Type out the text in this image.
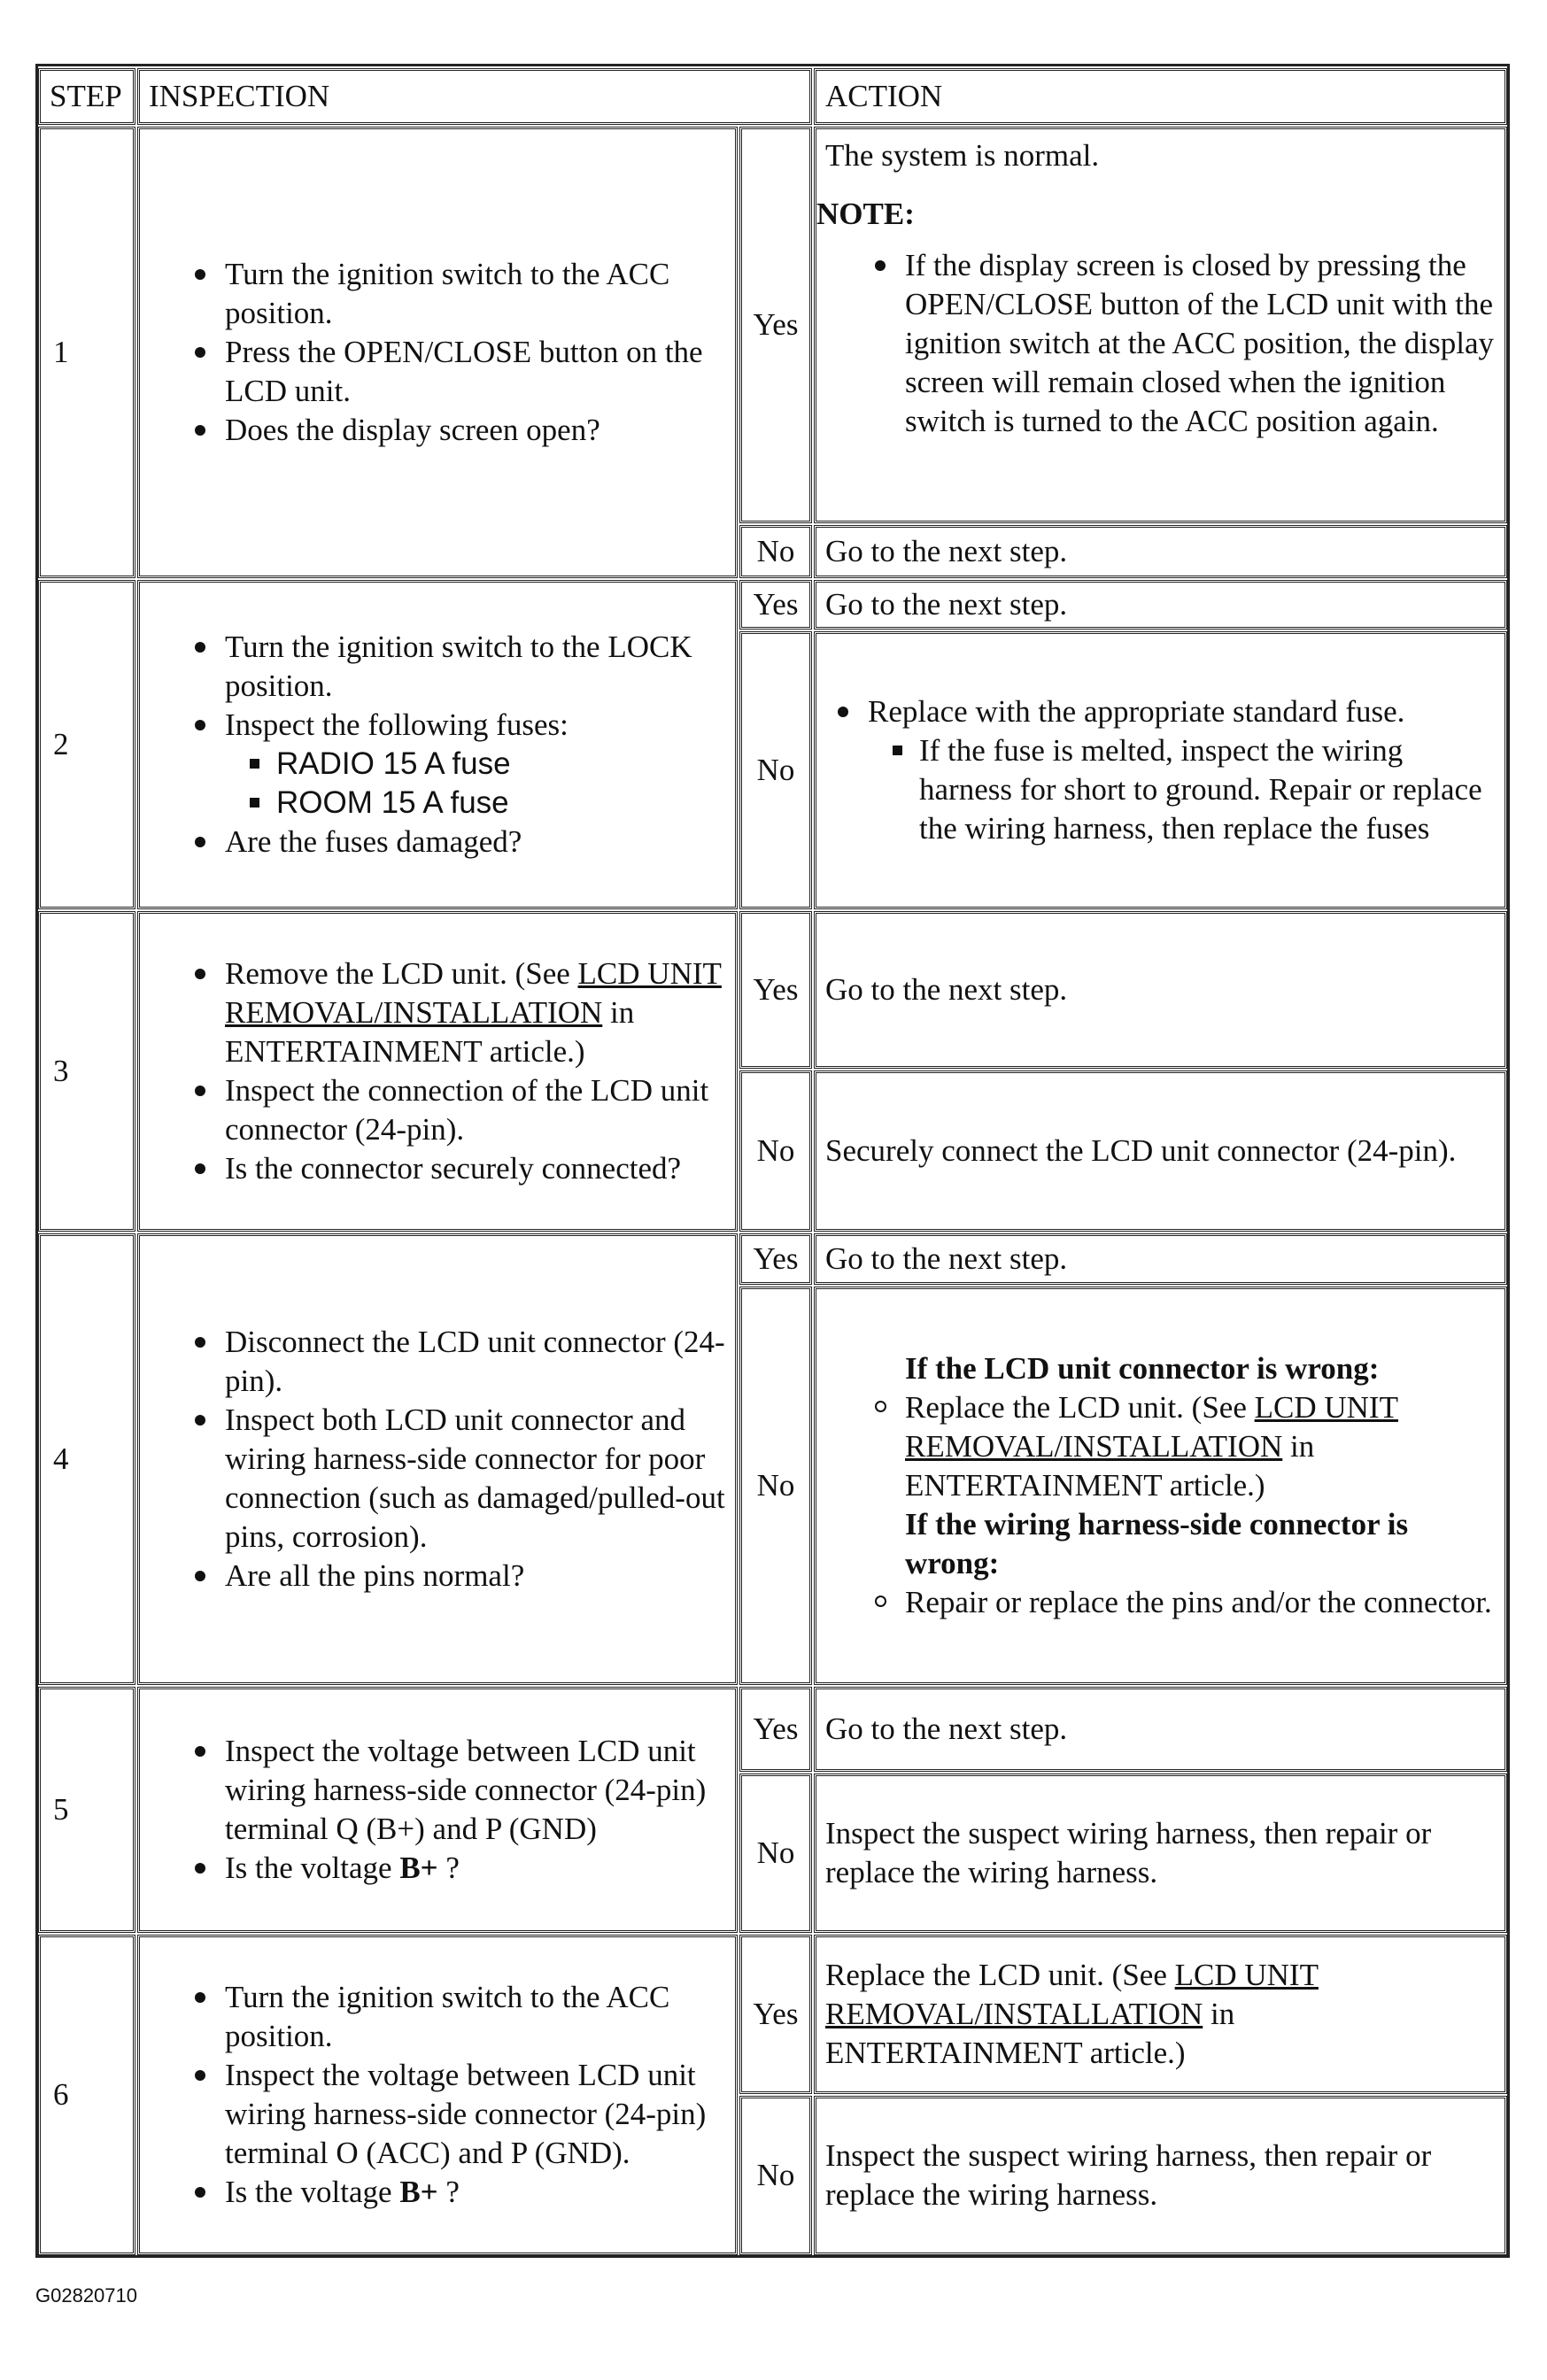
STEP INSPECTION	ACTION
1
Turn the ignition switch to the ACC position.
Press the OPEN/CLOSE button on the LCD unit.
Does the display screen open?
Yes
The system is normal.
NOTE:
If the display screen is closed by pressing the OPEN/CLOSE button of the LCD unit with the ignition switch at the ACC position, the display screen will remain closed when the ignition switch is turned to the ACC position again.
No Go to the next step.
2
Turn the ignition switch to the LOCK position.
Inspect the following fuses:
RADIO 15 A fuse
ROOM 15 A fuse
Are the fuses damaged?
Yes Go to the next step.
No
Replace with the appropriate standard fuse.
If the fuse is melted, inspect the wiring harness for short to ground. Repair or replace the wiring harness, then replace the fuses
3
Remove the LCD unit. (See LCD UNIT REMOVAL/INSTALLATION in ENTERTAINMENT article.)
Inspect the connection of the LCD unit connector (24-pin).
Is the connector securely connected?
Yes Go to the next step.
No Securely connect the LCD unit connector (24-pin).
4
Disconnect the LCD unit connector (24-pin).
Inspect both LCD unit connector and wiring harness-side connector for poor connection (such as damaged/pulled-out pins, corrosion).
Are all the pins normal?
Yes Go to the next step.
No
If the LCD unit connector is wrong:
Replace the LCD unit. (See LCD UNIT REMOVAL/INSTALLATION in ENTERTAINMENT article.)
If the wiring harness-side connector is wrong:
Repair or replace the pins and/or the connector.
5
Inspect the voltage between LCD unit wiring harness-side connector (24-pin) terminal Q (B+) and P (GND)
Is the voltage B+ ?
Yes Go to the next step.
No
Inspect the suspect wiring harness, then repair or replace the wiring harness.
6
Turn the ignition switch to the ACC position.
Inspect the voltage between LCD unit wiring harness-side connector (24-pin) terminal O (ACC) and P (GND).
Is the voltage B+ ?
Yes
Replace the LCD unit. (See LCD UNIT REMOVAL/INSTALLATION in ENTERTAINMENT article.)
No
Inspect the suspect wiring harness, then repair or replace the wiring harness.
G02820710
